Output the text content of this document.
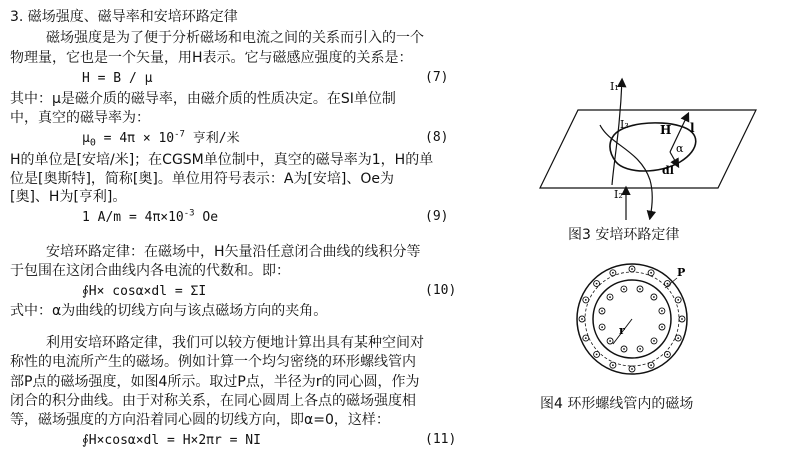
3. 磁场强度、磁导率和安培环路定律
磁场强度是为了便于分析磁场和电流之间的关系而引入的一个
物理量，它也是一个矢量，用H表示。它与磁感应强度的关系是：
H = B / μ
其中：μ是磁介质的磁导率，由磁介质的性质决定。在SI单位制
中，真空的磁导率为：
$\mu_0 = 4\pi \times 10^{-7}$ 亨利/米
H的单位是[安培/米]；在CGSM单位制中，真空的磁导率为1，H的单
位是[奥斯特]，简称[奥]。单位用符号表示：A为[安培]、Oe为
[奥]、H为[亨利]。
1 $A/m = 4\pi\times 10^{-3}$ Oe
安培环路定律：在磁场中，H矢量沿任意闭合曲线的线积分等
于包围在这闭合曲线内各电流的代数和。即：
∮H× cosα×dl = ΣI
式中：α为曲线的切线方向与该点磁场方向的夹角。
利用安培环路定律，我们可以较方便地计算出具有某种空间对
称性的电流所产生的磁场。例如计算一个均匀密绕的环形螺线管内
部P点的磁场强度，如图4所示。取过P点，半径为r的同心圆，作为
闭合的积分曲线。由于对称关系，在同心圆周上各点的磁场强度相
等，磁场强度的方向沿着同心圆的切线方向，即α=0，这样：
∮H×cosα×dl = H×2πr = NI
(7)
(8)
(9)
(10)
(11)
I₁
I₃
I₂
H l
α
dl
图3 安培环路定律
P
r
图4 环形螺线管内的磁场
